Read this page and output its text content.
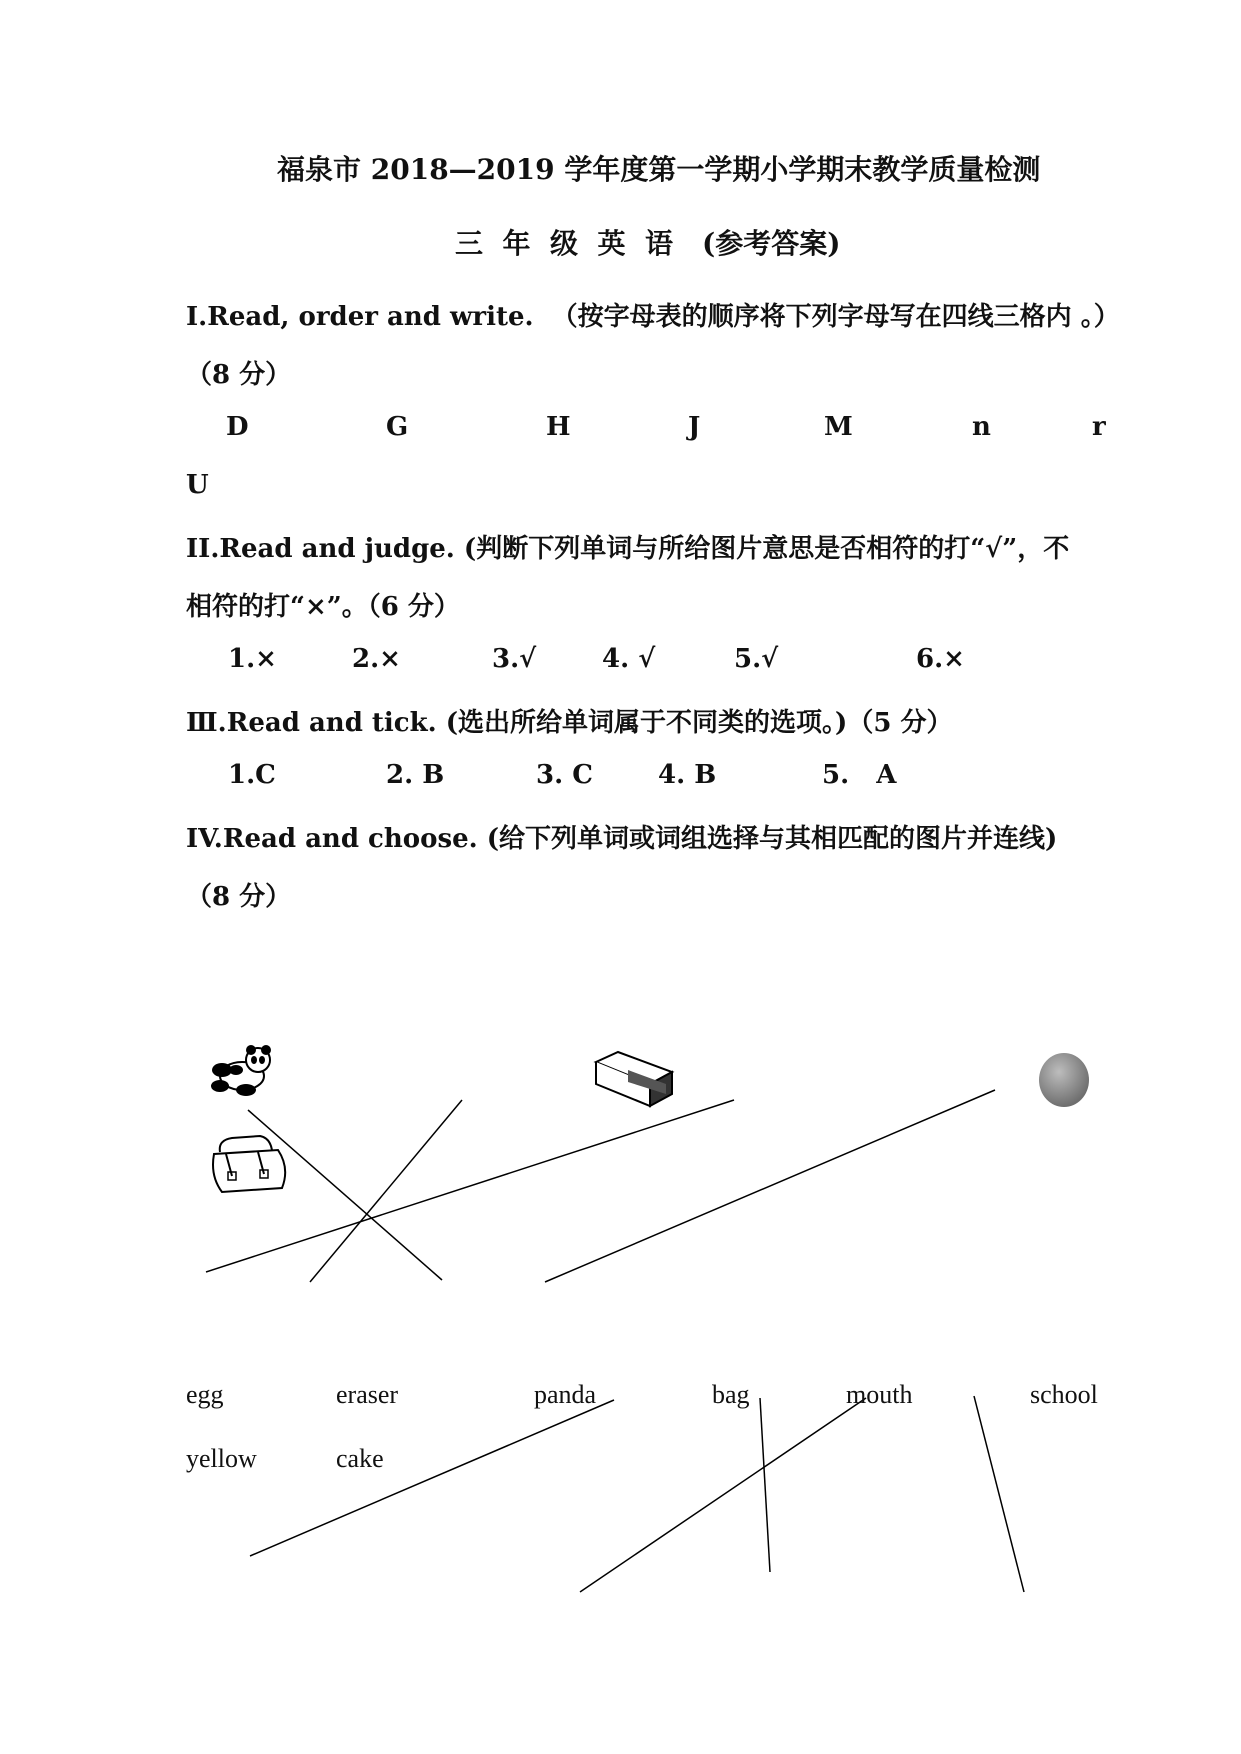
福泉市 2018—2019 学年度第一学期小学期末教学质量检测
三  年  级  英  语 (参考答案)
I.Read, order and write.  （按字母表的顺序将下列字母写在四线三格内 。）
（8 分）
D	G	H	J	M	n	r
U
II.Read and judge. (判断下列单词与所给图片意思是否相符的打“√”，不
相符的打“×”。（6 分）
1.×	2.×	3.√	4. √	5.√	6.×
Ⅲ.Read and tick. (选出所给单词属于不同类的选项。)（5 分）
1.C	2. B	3. C	4. B	5.   A
IV.Read and choose. (给下列单词或词组选择与其相匹配的图片并连线)
（8 分）
egg	eraser	panda	bag	mouth	school
yellow	cake
